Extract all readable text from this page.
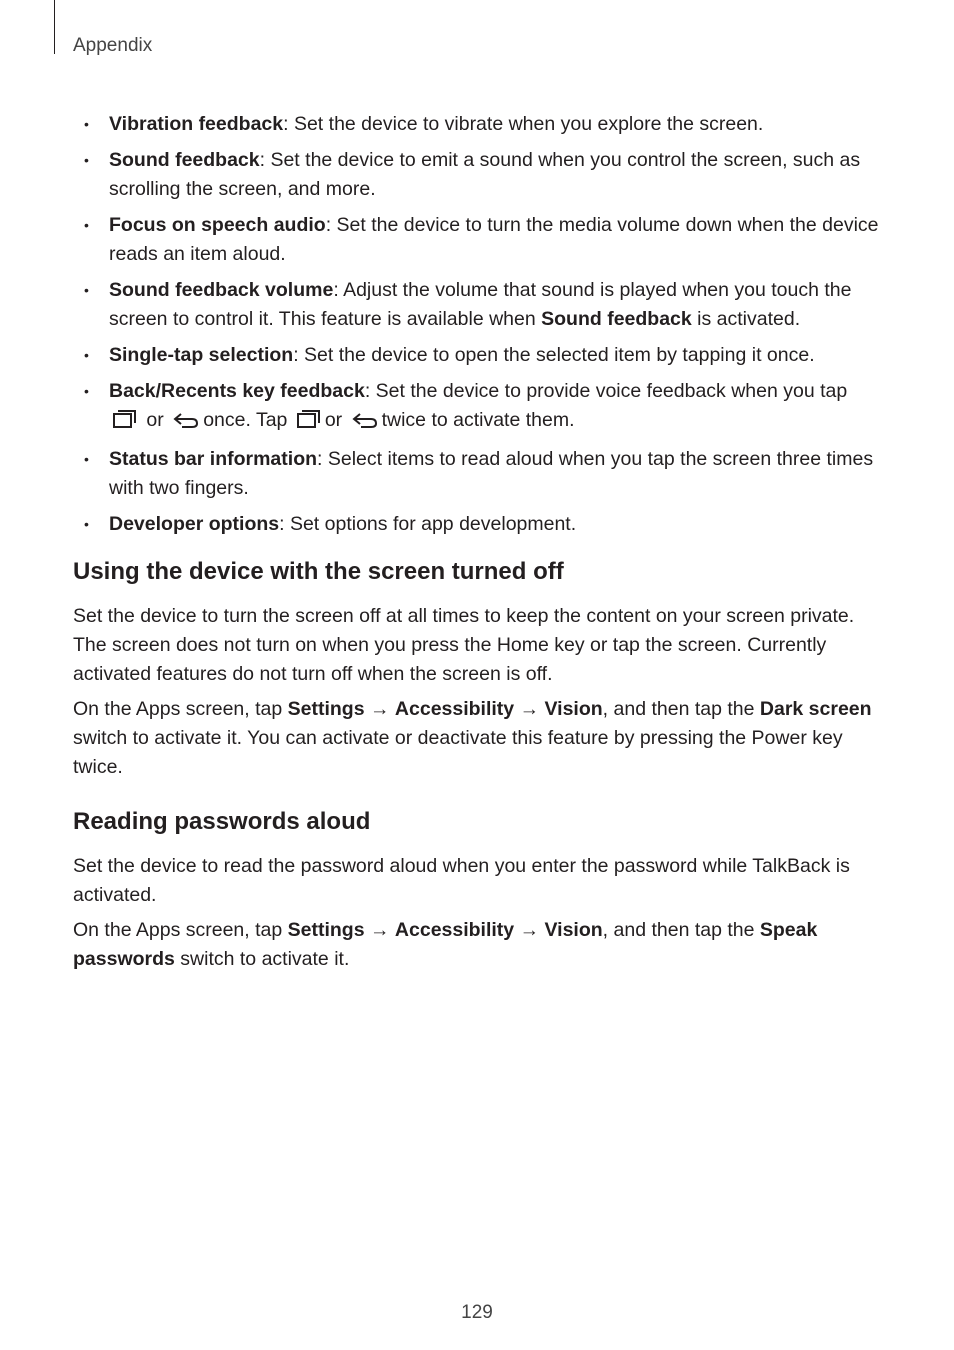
Appendix
• Vibration feedback: Set the device to vibrate when you explore the screen.
• Sound feedback: Set the device to emit a sound when you control the screen, such as scrolling the screen, and more.
• Focus on speech audio: Set the device to turn the media volume down when the device reads an item aloud.
• Sound feedback volume: Adjust the volume that sound is played when you touch the screen to control it. This feature is available when Sound feedback is activated.
• Single-tap selection: Set the device to open the selected item by tapping it once.
• Back/Recents key feedback: Set the device to provide voice feedback when you tap  or once. Tap or twice to activate them.
• Status bar information: Select items to read aloud when you tap the screen three times with two fingers.
• Developer options: Set options for app development.
Using the device with the screen turned off

Set the device to turn the screen off at all times to keep the content on your screen private. The screen does not turn on when you press the Home key or tap the screen. Currently activated features do not turn off when the screen is off.

On the Apps screen, tap Settings → Accessibility → Vision, and then tap the Dark screen switch to activate it. You can activate or deactivate this feature by pressing the Power key twice.

Reading passwords aloud

Set the device to read the password aloud when you enter the password while TalkBack is activated.

On the Apps screen, tap Settings → Accessibility → Vision, and then tap the Speak passwords switch to activate it.

129
